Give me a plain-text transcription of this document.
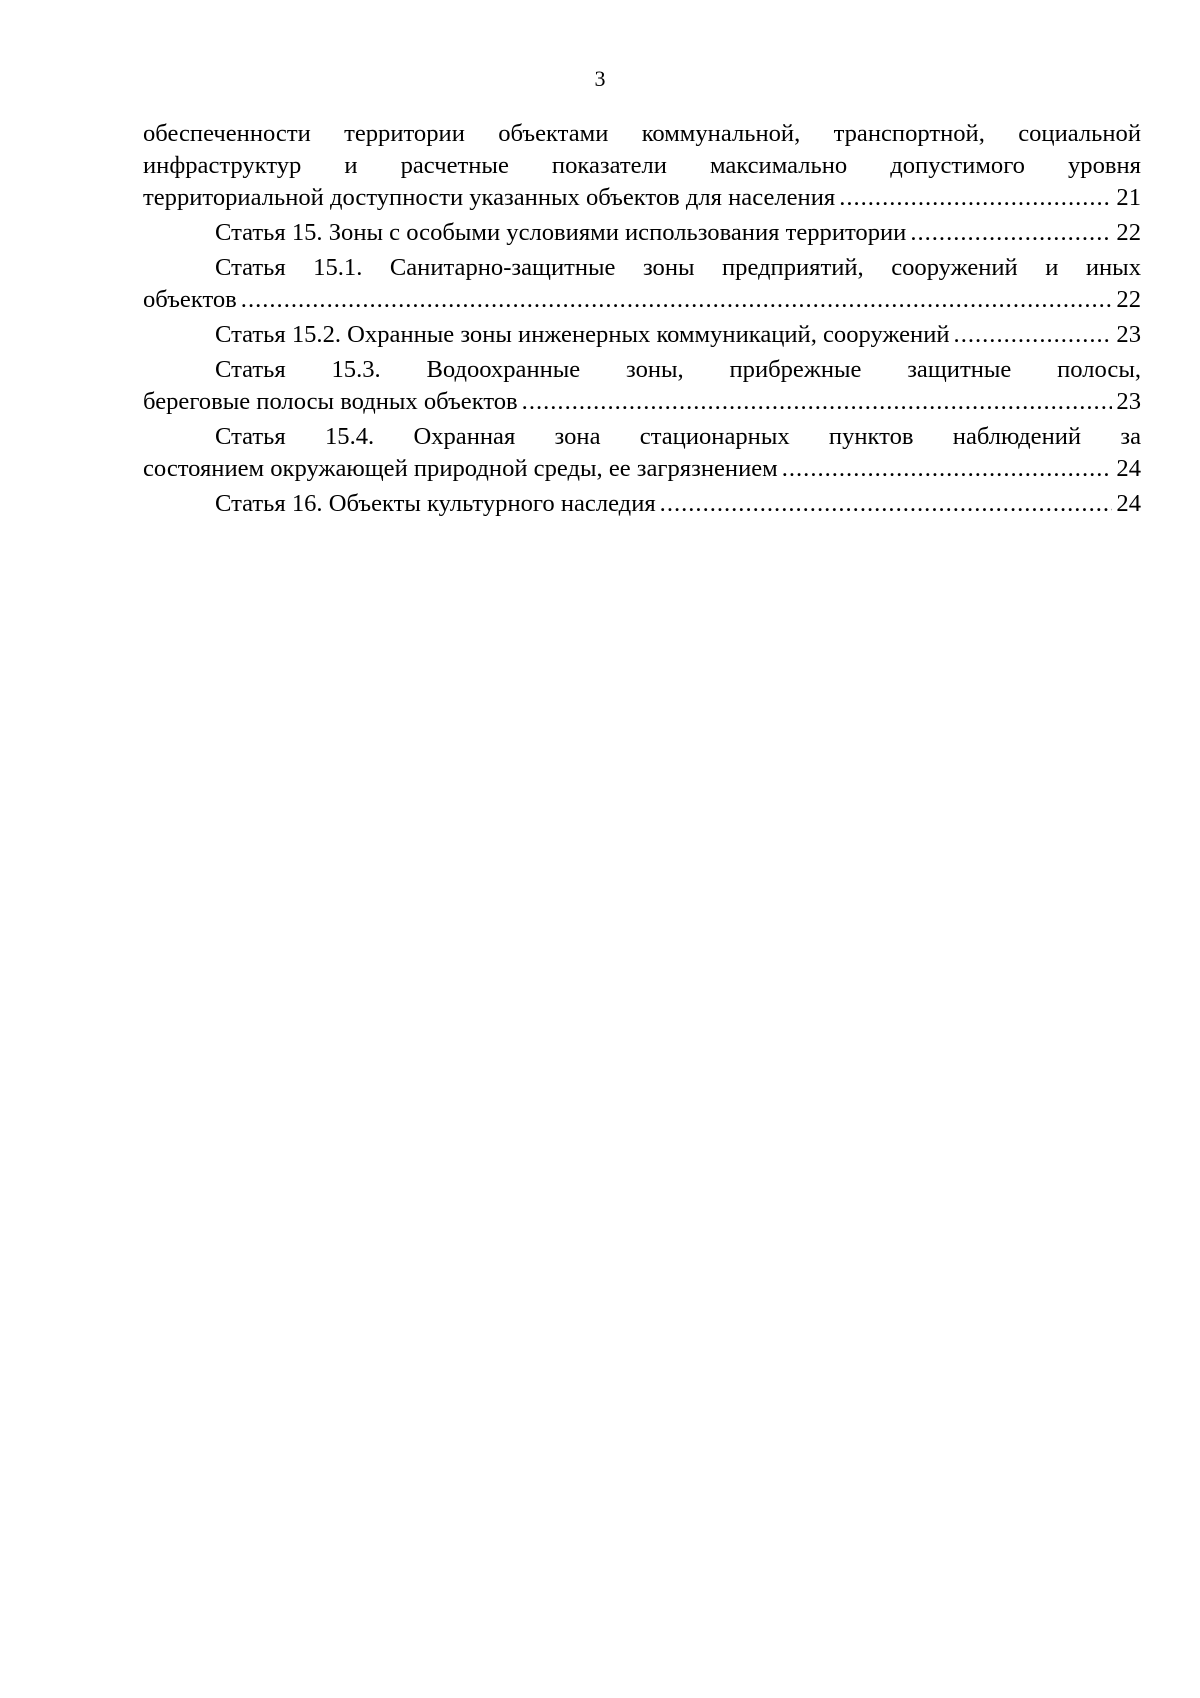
3
обеспеченности территории объектами коммунальной, транспортной, социальной
инфраструктур и расчетные показатели максимально допустимого уровня
территориальной доступности указанных объектов для населения .....	21
Статья 15. Зоны с особыми условиями использования территории .....	22
Статья 15.1. Санитарно-защитные зоны предприятий, сооружений и иных
объектов .....	22
Статья 15.2. Охранные зоны инженерных коммуникаций, сооружений .....	23
Статья 15.3. Водоохранные зоны, прибрежные защитные полосы,
береговые полосы водных объектов .....	23
Статья 15.4. Охранная зона стационарных пунктов наблюдений за
состоянием окружающей природной среды, ее загрязнением .....	24
Статья 16. Объекты культурного наследия .....	24
